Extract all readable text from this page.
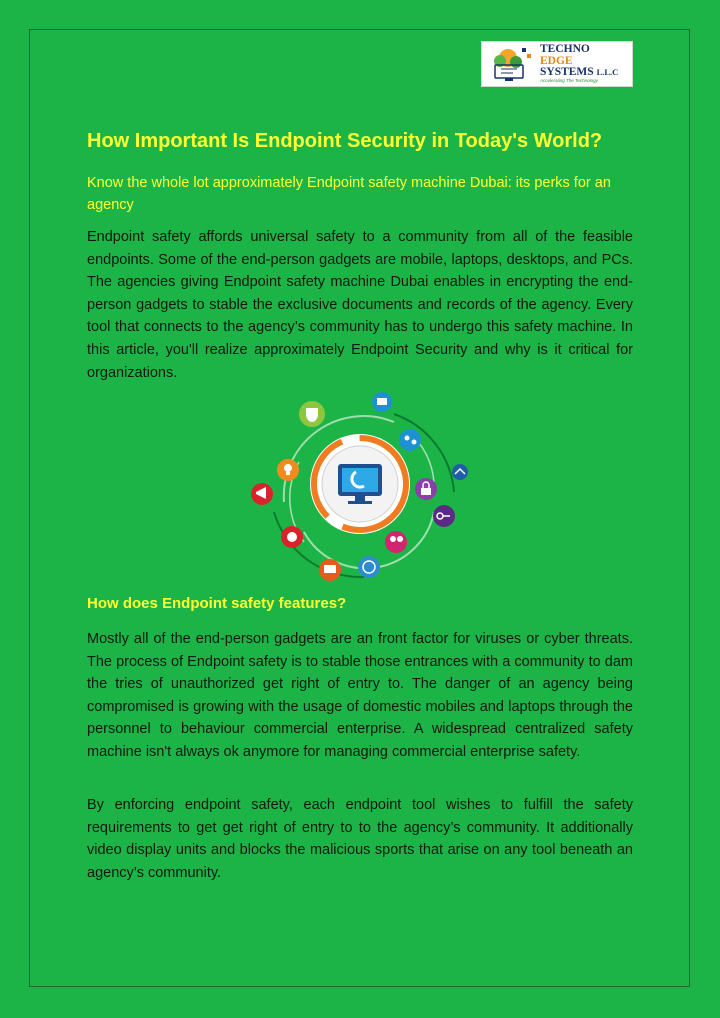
TECHNO
EDGE
SYSTEMS L.L.C
Accelerating The Technology
How Important Is Endpoint Security in Today's World?

Know the whole lot approximately Endpoint safety machine Dubai: its perks for an agency

Endpoint safety affords universal safety to a community from all of the feasible endpoints. Some of the end-person gadgets are mobile, laptops, desktops, and PCs. The agencies giving Endpoint safety machine Dubai enables in encrypting the end-person gadgets to stable the exclusive documents and records of the agency. Every tool that connects to the agency’s community has to undergo this safety machine. In this article, you'll realize approximately Endpoint Security and why is it critical for organizations.

How does Endpoint safety features?

Mostly all of the end-person gadgets are an front factor for viruses or cyber threats. The process of Endpoint safety is to stable those entrances with a community to dam the tries of unauthorized get right of entry to. The danger of an agency being compromised is growing with the usage of domestic mobiles and laptops through the personnel to behaviour commercial enterprise. A widespread centralized safety machine isn't always ok anymore for managing commercial enterprise safety.

By enforcing endpoint safety, each endpoint tool wishes to fulfill the safety requirements to get get right of entry to to the agency’s community. It additionally video display units and blocks the malicious sports that arise on any tool beneath an agency’s community.
